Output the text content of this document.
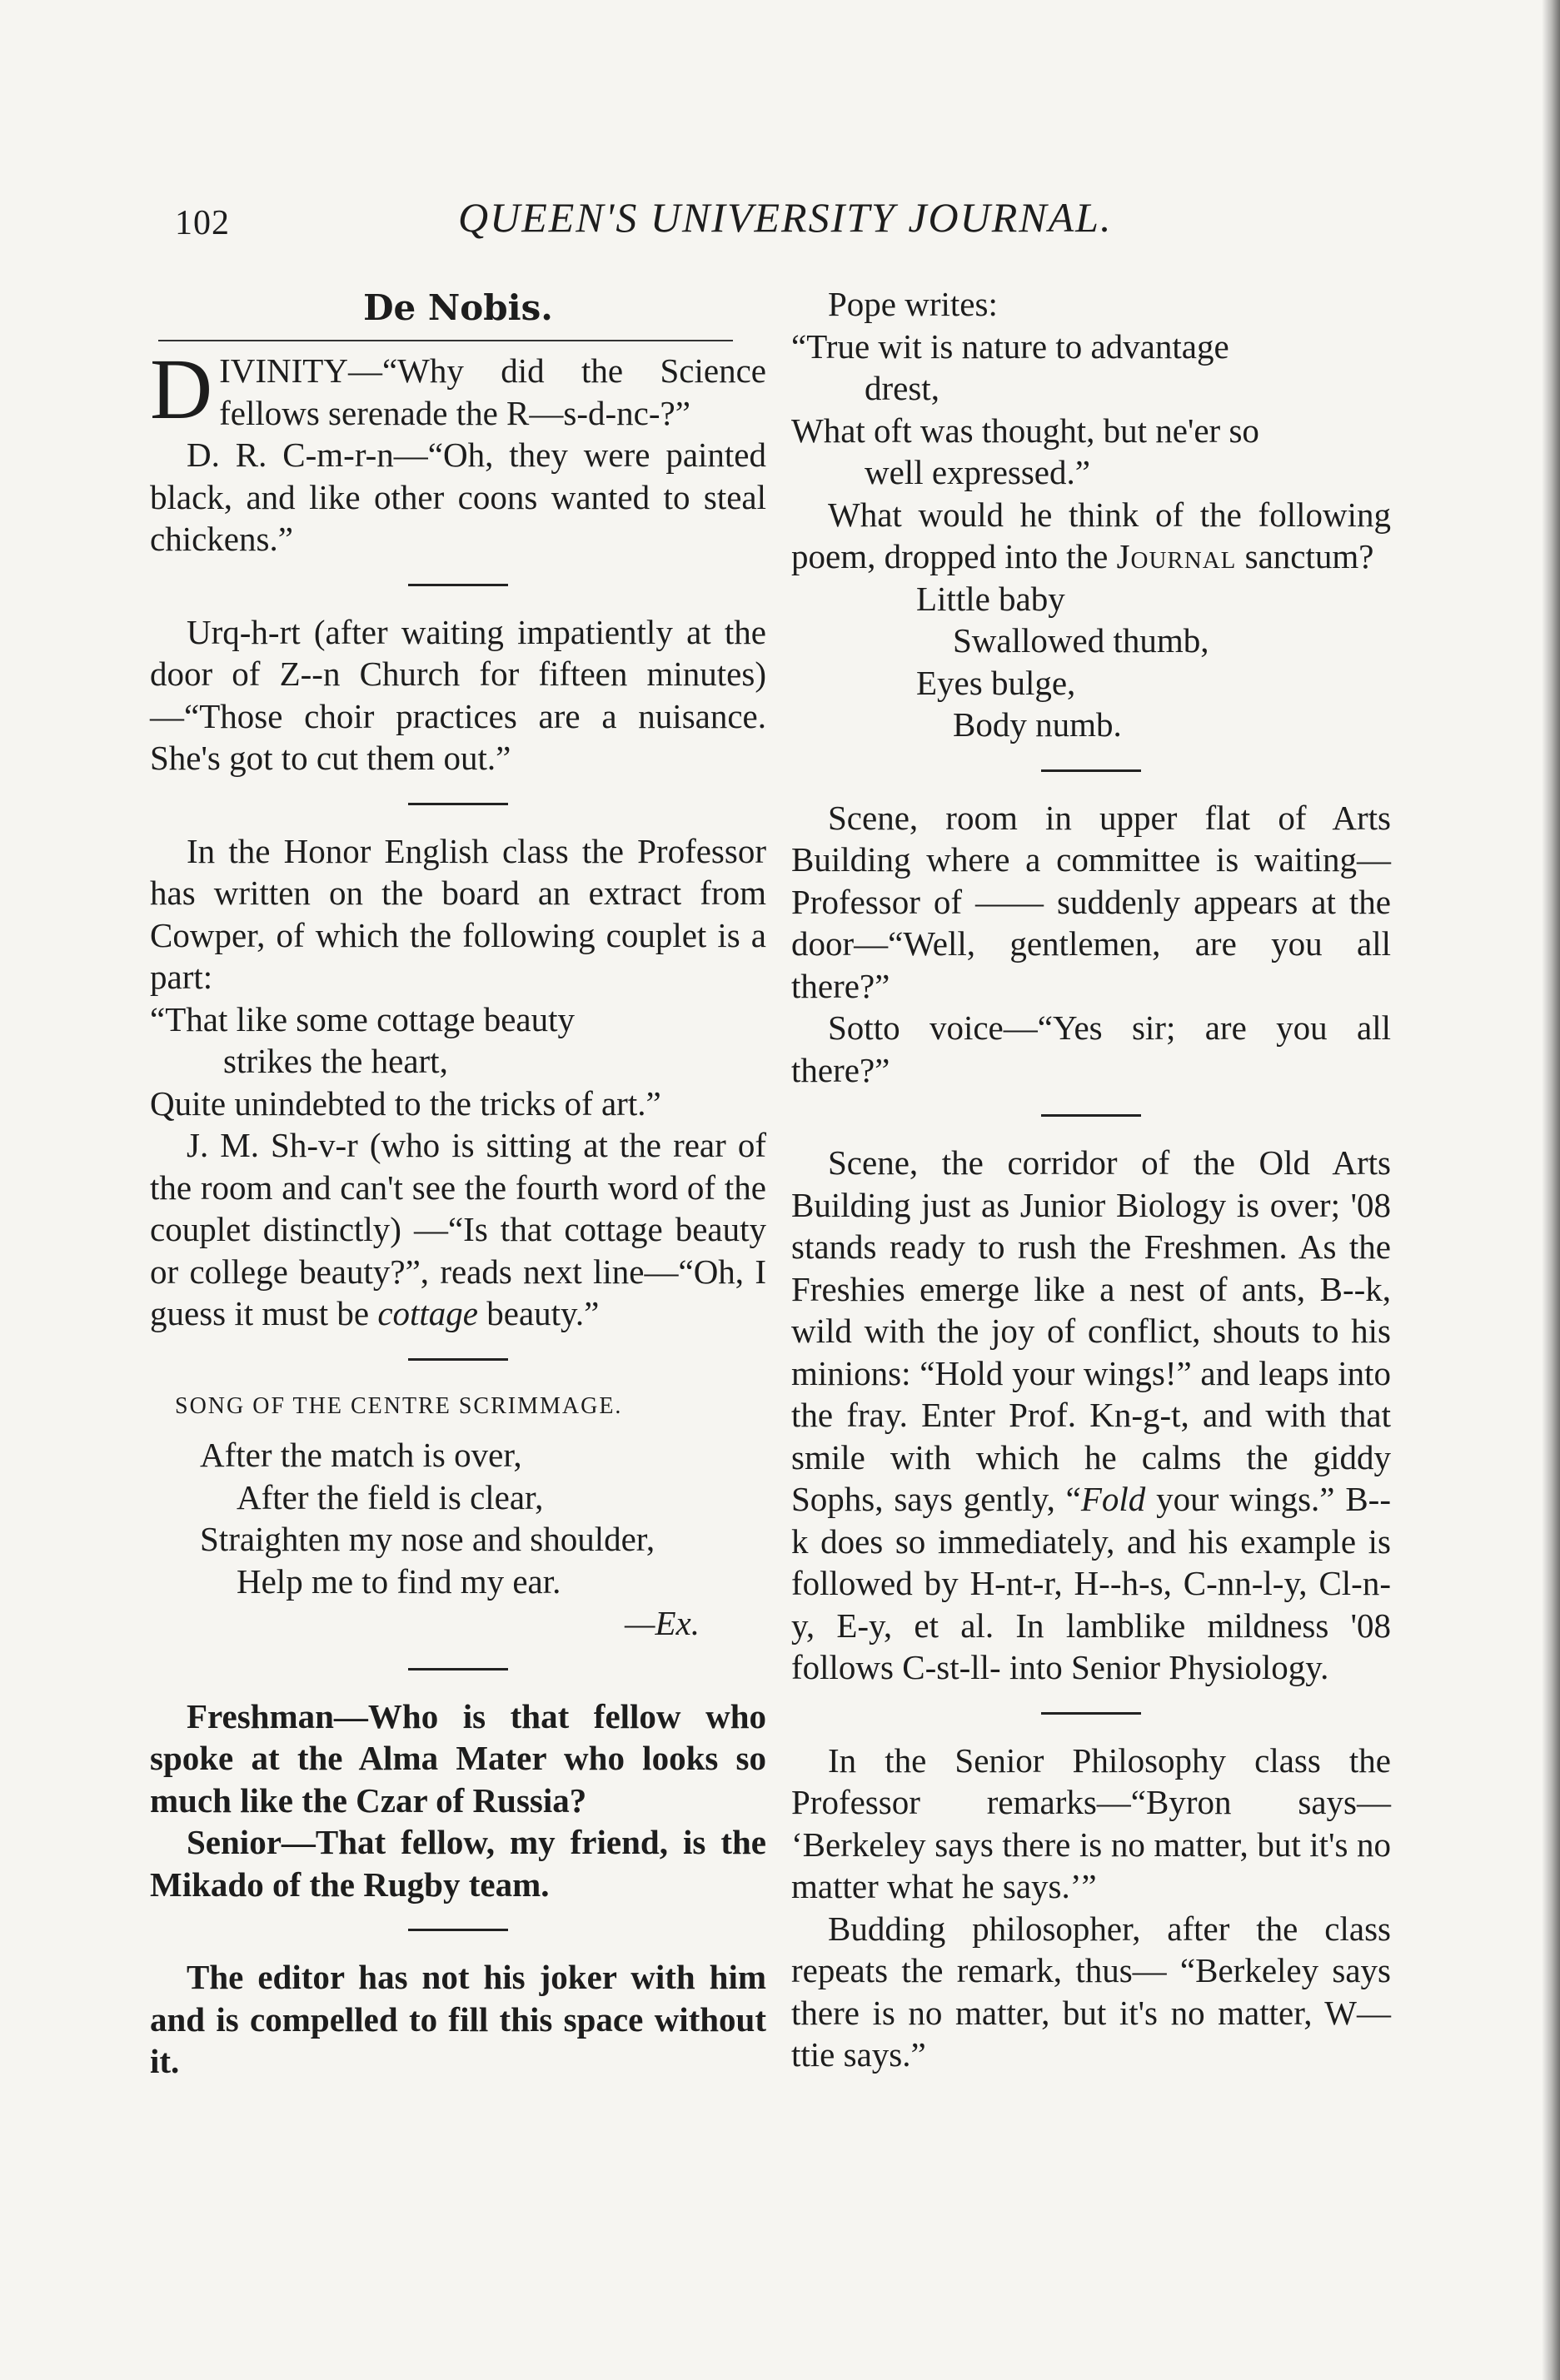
102	QUEEN'S UNIVERSITY JOURNAL.
De Nobis.

DIVINITY—“Why did the Science fellows serenade the R—s-d-nc-?”

D. R. C-m-r-n—“Oh, they were painted black, and like other coons wanted to steal chickens.”

Urq-h-rt (after waiting impatiently at the door of Z--n Church for fifteen minutes)—“Those choir practices are a nuisance. She's got to cut them out.”

In the Honor English class the Professor has written on the board an extract from Cowper, of which the following couplet is a part:

“That like some cottage beauty
strikes the heart,
Quite unindebted to the tricks of art.”

J. M. Sh-v-r (who is sitting at the rear of the room and can't see the fourth word of the couplet distinctly) —“Is that cottage beauty or college beauty?”, reads next line—“Oh, I guess it must be cottage beauty.”

SONG OF THE CENTRE SCRIMMAGE.
After the match is over,
After the field is clear,
Straighten my nose and shoulder,
Help me to find my ear.
—Ex.

Freshman—Who is that fellow who spoke at the Alma Mater who looks so much like the Czar of Russia?

Senior—That fellow, my friend, is the Mikado of the Rugby team.

The editor has not his joker with him and is compelled to fill this space without it.

Pope writes:

“True wit is nature to advantage
drest,
What oft was thought, but ne'er so
well expressed.”

What would he think of the following poem, dropped into the Journal sanctum?

Little baby
Swallowed thumb,
Eyes bulge,
Body numb.

Scene, room in upper flat of Arts Building where a committee is waiting—Professor of —— suddenly appears at the door—“Well, gentlemen, are you all there?”

Sotto voice—“Yes sir; are you all there?”

Scene, the corridor of the Old Arts Building just as Junior Biology is over; '08 stands ready to rush the Freshmen. As the Freshies emerge like a nest of ants, B--k, wild with the joy of conflict, shouts to his minions: “Hold your wings!” and leaps into the fray. Enter Prof. Kn-g-t, and with that smile with which he calms the giddy Sophs, says gently, “Fold your wings.” B--k does so immediately, and his example is followed by H-nt-r, H--h-s, C-nn-l-y, Cl-n-y, E-y, et al. In lamblike mildness '08 follows C-st-ll- into Senior Physiology.

In the Senior Philosophy class the Professor remarks—“Byron says— ‘Berkeley says there is no matter, but it's no matter what he says.’”

Budding philosopher, after the class repeats the remark, thus— “Berkeley says there is no matter, but it's no matter, W—ttie says.”
